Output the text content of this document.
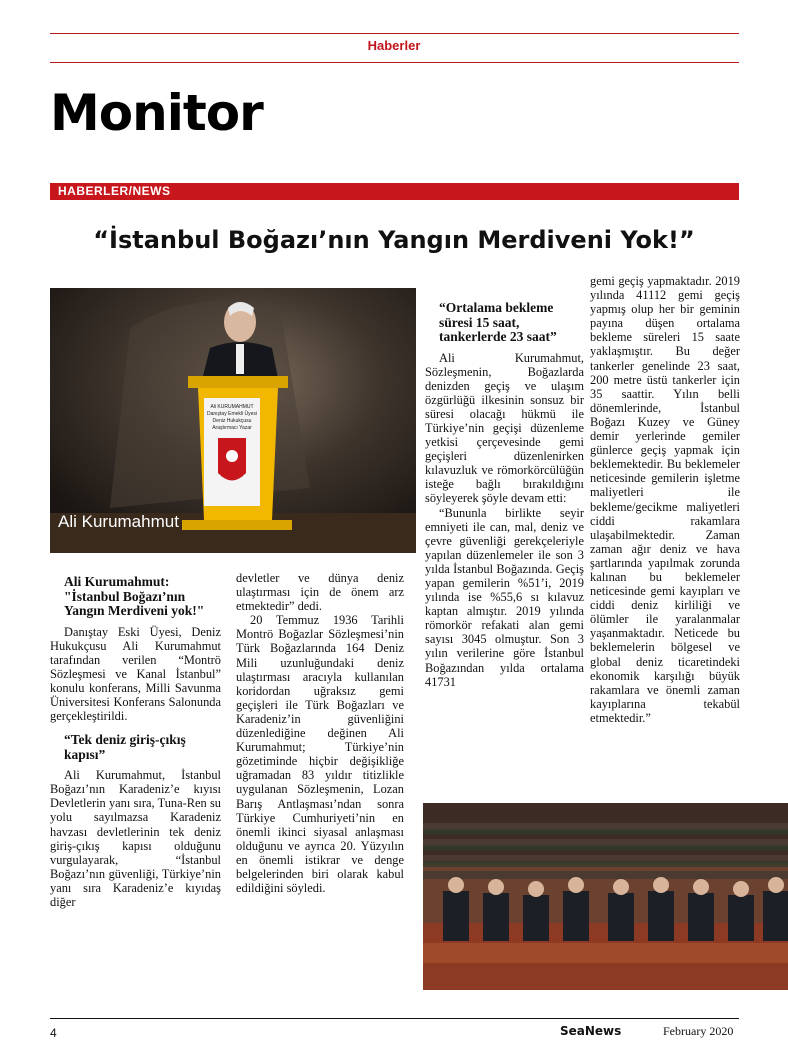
Haberler
Monitor
HABERLER/NEWS
“İstanbul Boğazı’nın Yangın Merdiveni Yok!”
Ali KURUMAHMUT
Danıştay Emekli Üyesi
Deniz Hukukçusu
Araştırmacı Yazar
Ali Kurumahmut
Ali Kurumahmut: "İstanbul Boğazı’nın Yangın Merdiveni yok!"

Danıştay Eski Üyesi, Deniz Hukukçusu Ali Kurumahmut tarafından verilen “Montrö Sözleşmesi ve Kanal İstanbul” konulu konferans, Milli Savunma Üniversitesi Konferans Salonunda gerçekleştirildi.

“Tek deniz giriş-çıkış kapısı”

Ali Kurumahmut, İstanbul Boğazı’nın Karadeniz’e kıyısı Devletlerin yanı sıra, Tuna-Ren su yolu sayılmazsa Karadeniz havzası devletlerinin tek deniz giriş-çıkış kapısı olduğunu vurgulayarak, “İstanbul Boğazı’nın güvenliği, Türkiye’nin yanı sıra Karadeniz’e kıyıdaş diğer

devletler ve dünya deniz ulaştırması için de önem arz etmektedir” dedi.

20 Temmuz 1936 Tarihli Montrö Boğazlar Sözleşmesi’nin Türk Boğazlarında 164 Deniz Mili uzunluğundaki deniz ulaştırması aracıyla kullanılan koridordan uğraksız gemi geçişleri ile Türk Boğazları ve Karadeniz’in güvenliğini düzenlediğine değinen Ali Kurumahmut; Türkiye’nin gözetiminde hiçbir değişikliğe uğramadan 83 yıldır titizlikle uygulanan Sözleşmenin, Lozan Barış Antlaşması’ndan sonra Türkiye Cumhuriyeti’nin en önemli ikinci siyasal anlaşması olduğunu ve ayrıca 20. Yüzyılın en önemli istikrar ve denge belgelerinden biri olarak kabul edildiğini söyledi.

“Ortalama bekleme süresi 15 saat, tankerlerde 23 saat”

Ali Kurumahmut, Sözleşmenin, Boğazlarda denizden geçiş ve ulaşım özgürlüğü ilkesinin sonsuz bir süresi olacağı hükmü ile Türkiye’nin geçişi düzenleme yetkisi çerçevesinde gemi geçişleri düzenlenirken kılavuzluk ve römorkörcülüğün isteğe bağlı bırakıldığını söyleyerek şöyle devam etti:

“Bununla birlikte seyir emniyeti ile can, mal, deniz ve çevre güvenliği gerekçeleriyle yapılan düzenlemeler ile son 3 yılda İstanbul Boğazında. Geçiş yapan gemilerin %51’i, 2019 yılında ise %55,6 sı kılavuz kaptan almıştır. 2019 yılında römorkör refakati alan gemi sayısı 3045 olmuştur. Son 3 yılın verilerine göre İstanbul Boğazından yılda ortalama 41731

gemi geçiş yapmaktadır. 2019 yılında 41112 gemi geçiş yapmış olup her bir geminin payına düşen ortalama bekleme süreleri 15 saate yaklaşmıştır. Bu değer tankerler genelinde 23 saat, 200 metre üstü tankerler için 35 saattir. Yılın belli dönemlerinde, İstanbul Boğazı Kuzey ve Güney demir yerlerinde gemiler günlerce geçiş yapmak için beklemektedir. Bu beklemeler neticesinde gemilerin işletme maliyetleri ile bekleme/gecikme maliyetleri ciddi rakamlara ulaşabilmektedir. Zaman zaman ağır deniz ve hava şartlarında yapılmak zorunda kalınan bu beklemeler neticesinde gemi kayıpları ve ciddi deniz kirliliği ve ölümler ile yaralanmalar yaşanmaktadır. Neticede bu beklemelerin bölgesel ve global deniz ticaretindeki ekonomik karşılığı büyük rakamlara ve önemli zaman kayıplarına tekabül etmektedir.”

4	SeaNews	February 2020
